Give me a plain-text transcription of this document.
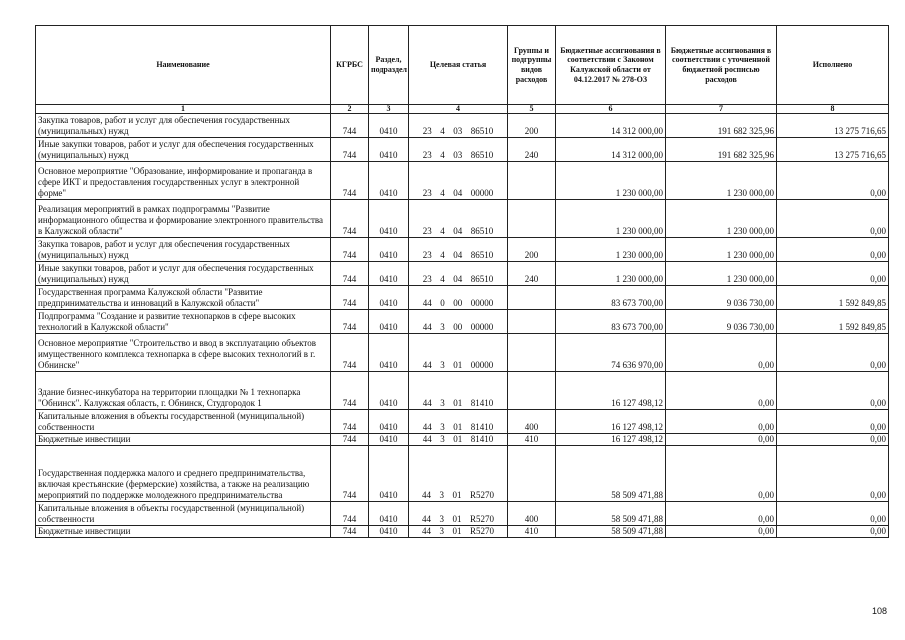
Наименование	КГРБС	Раздел, подраздел	Целевая статья	Группы и подгруппы видов расходов	Бюджетные ассигнования в соответствии с Законом Калужской области от 04.12.2017 № 278-ОЗ	Бюджетные ассигнования в соответствии с уточненной бюджетной росписью расходов	Исполнено
1	2	3	4	5	6	7	8
Закупка товаров, работ и услуг для обеспечения государственных (муниципальных) нужд	744	0410	23  4  03  86510	200	14 312 000,00	191 682 325,96	13 275 716,65
Иные закупки товаров, работ и услуг для обеспечения государственных (муниципальных) нужд	744	0410	23  4  03  86510	240	14 312 000,00	191 682 325,96	13 275 716,65
Основное мероприятие "Образование, информирование и пропаганда в сфере ИКТ и предоставления государственных услуг в электронной форме"	744	0410	23  4  04  00000		1 230 000,00	1 230 000,00	0,00
Реализация мероприятий в рамках подпрограммы "Развитие информационного общества и формирование электронного правительства в Калужской области"	744	0410	23  4  04  86510		1 230 000,00	1 230 000,00	0,00
Закупка товаров, работ и услуг для обеспечения государственных (муниципальных) нужд	744	0410	23  4  04  86510	200	1 230 000,00	1 230 000,00	0,00
Иные закупки товаров, работ и услуг для обеспечения государственных (муниципальных) нужд	744	0410	23  4  04  86510	240	1 230 000,00	1 230 000,00	0,00
Государственная программа Калужской области "Развитие предпринимательства и инноваций в Калужской области"	744	0410	44  0  00  00000		83 673 700,00	9 036 730,00	1 592 849,85
Подпрограмма "Создание и развитие технопарков в сфере высоких технологий в Калужской области"	744	0410	44  3  00  00000		83 673 700,00	9 036 730,00	1 592 849,85
Основное мероприятие "Строительство и ввод в эксплуатацию объектов имущественного комплекса технопарка в сфере высоких технологий в г. Обнинске"	744	0410	44  3  01  00000		74 636 970,00	0,00	0,00
Здание бизнес-инкубатора на территории площадки № 1 технопарка "Обнинск". Калужская область, г. Обнинск, Студгородок 1	744	0410	44  3  01  81410		16 127 498,12	0,00	0,00
Капитальные вложения в объекты государственной (муниципальной) собственности	744	0410	44  3  01  81410	400	16 127 498,12	0,00	0,00
Бюджетные инвестиции	744	0410	44  3  01  81410	410	16 127 498,12	0,00	0,00
Государственная поддержка малого и среднего предпринимательства, включая крестьянские (фермерские) хозяйства, а также на реализацию мероприятий по поддержке молодежного предпринимательства	744	0410	44  3  01  R5270		58 509 471,88	0,00	0,00
Капитальные вложения в объекты государственной (муниципальной) собственности	744	0410	44  3  01  R5270	400	58 509 471,88	0,00	0,00
Бюджетные инвестиции	744	0410	44  3  01  R5270	410	58 509 471,88	0,00	0,00
108
